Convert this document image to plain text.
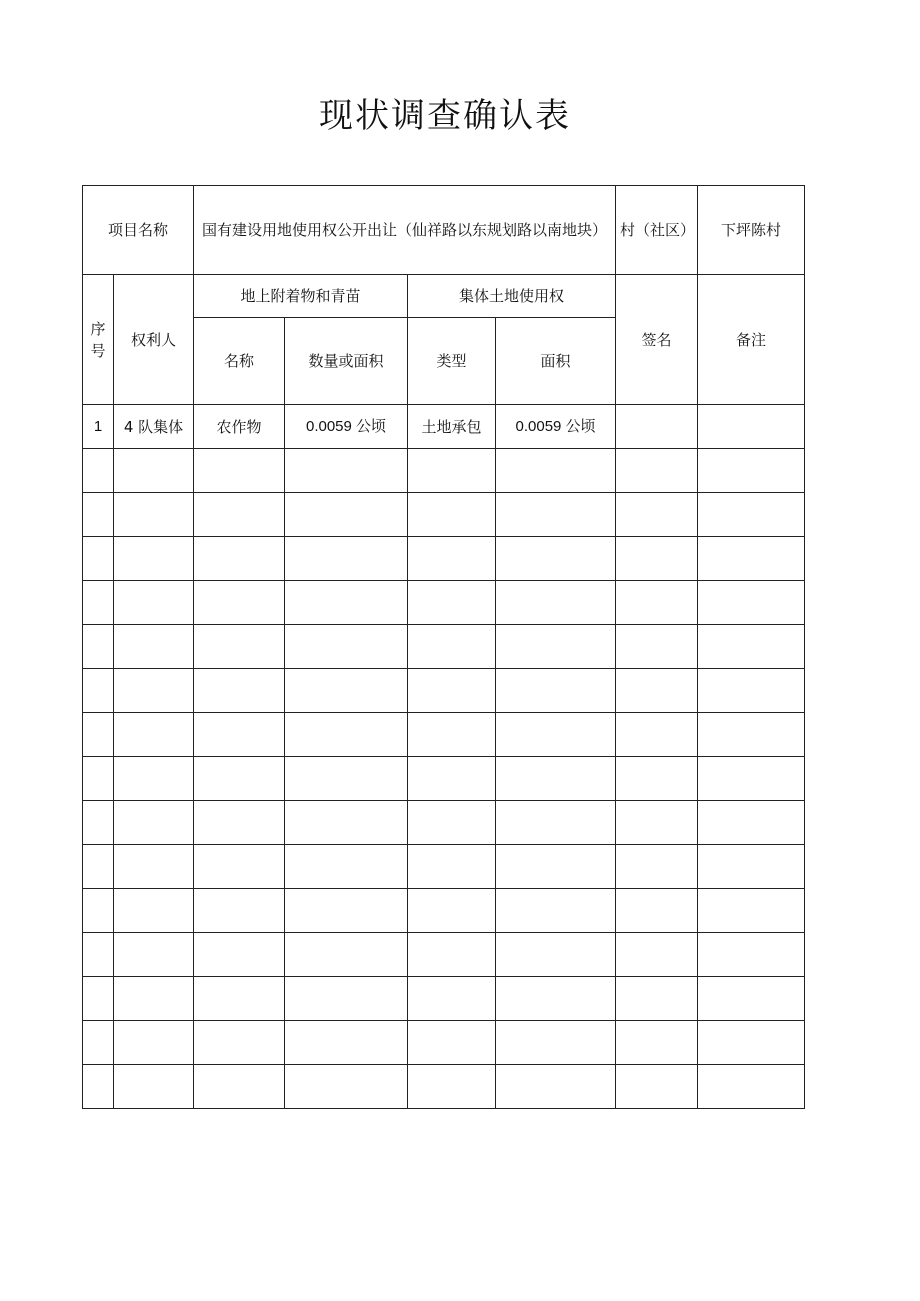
现状调查确认表
项目名称		国有建设用地使用权公开出让（仙祥路以东规划路以南地块）				村（社区）	下坪陈村
序号	权利人	地上附着物和青苗		集体土地使用权		签名	备注
		名称	数量或面积	类型	面积		
1	4 队集体	农作物	0.0059 公顷	土地承包	0.0059 公顷		
